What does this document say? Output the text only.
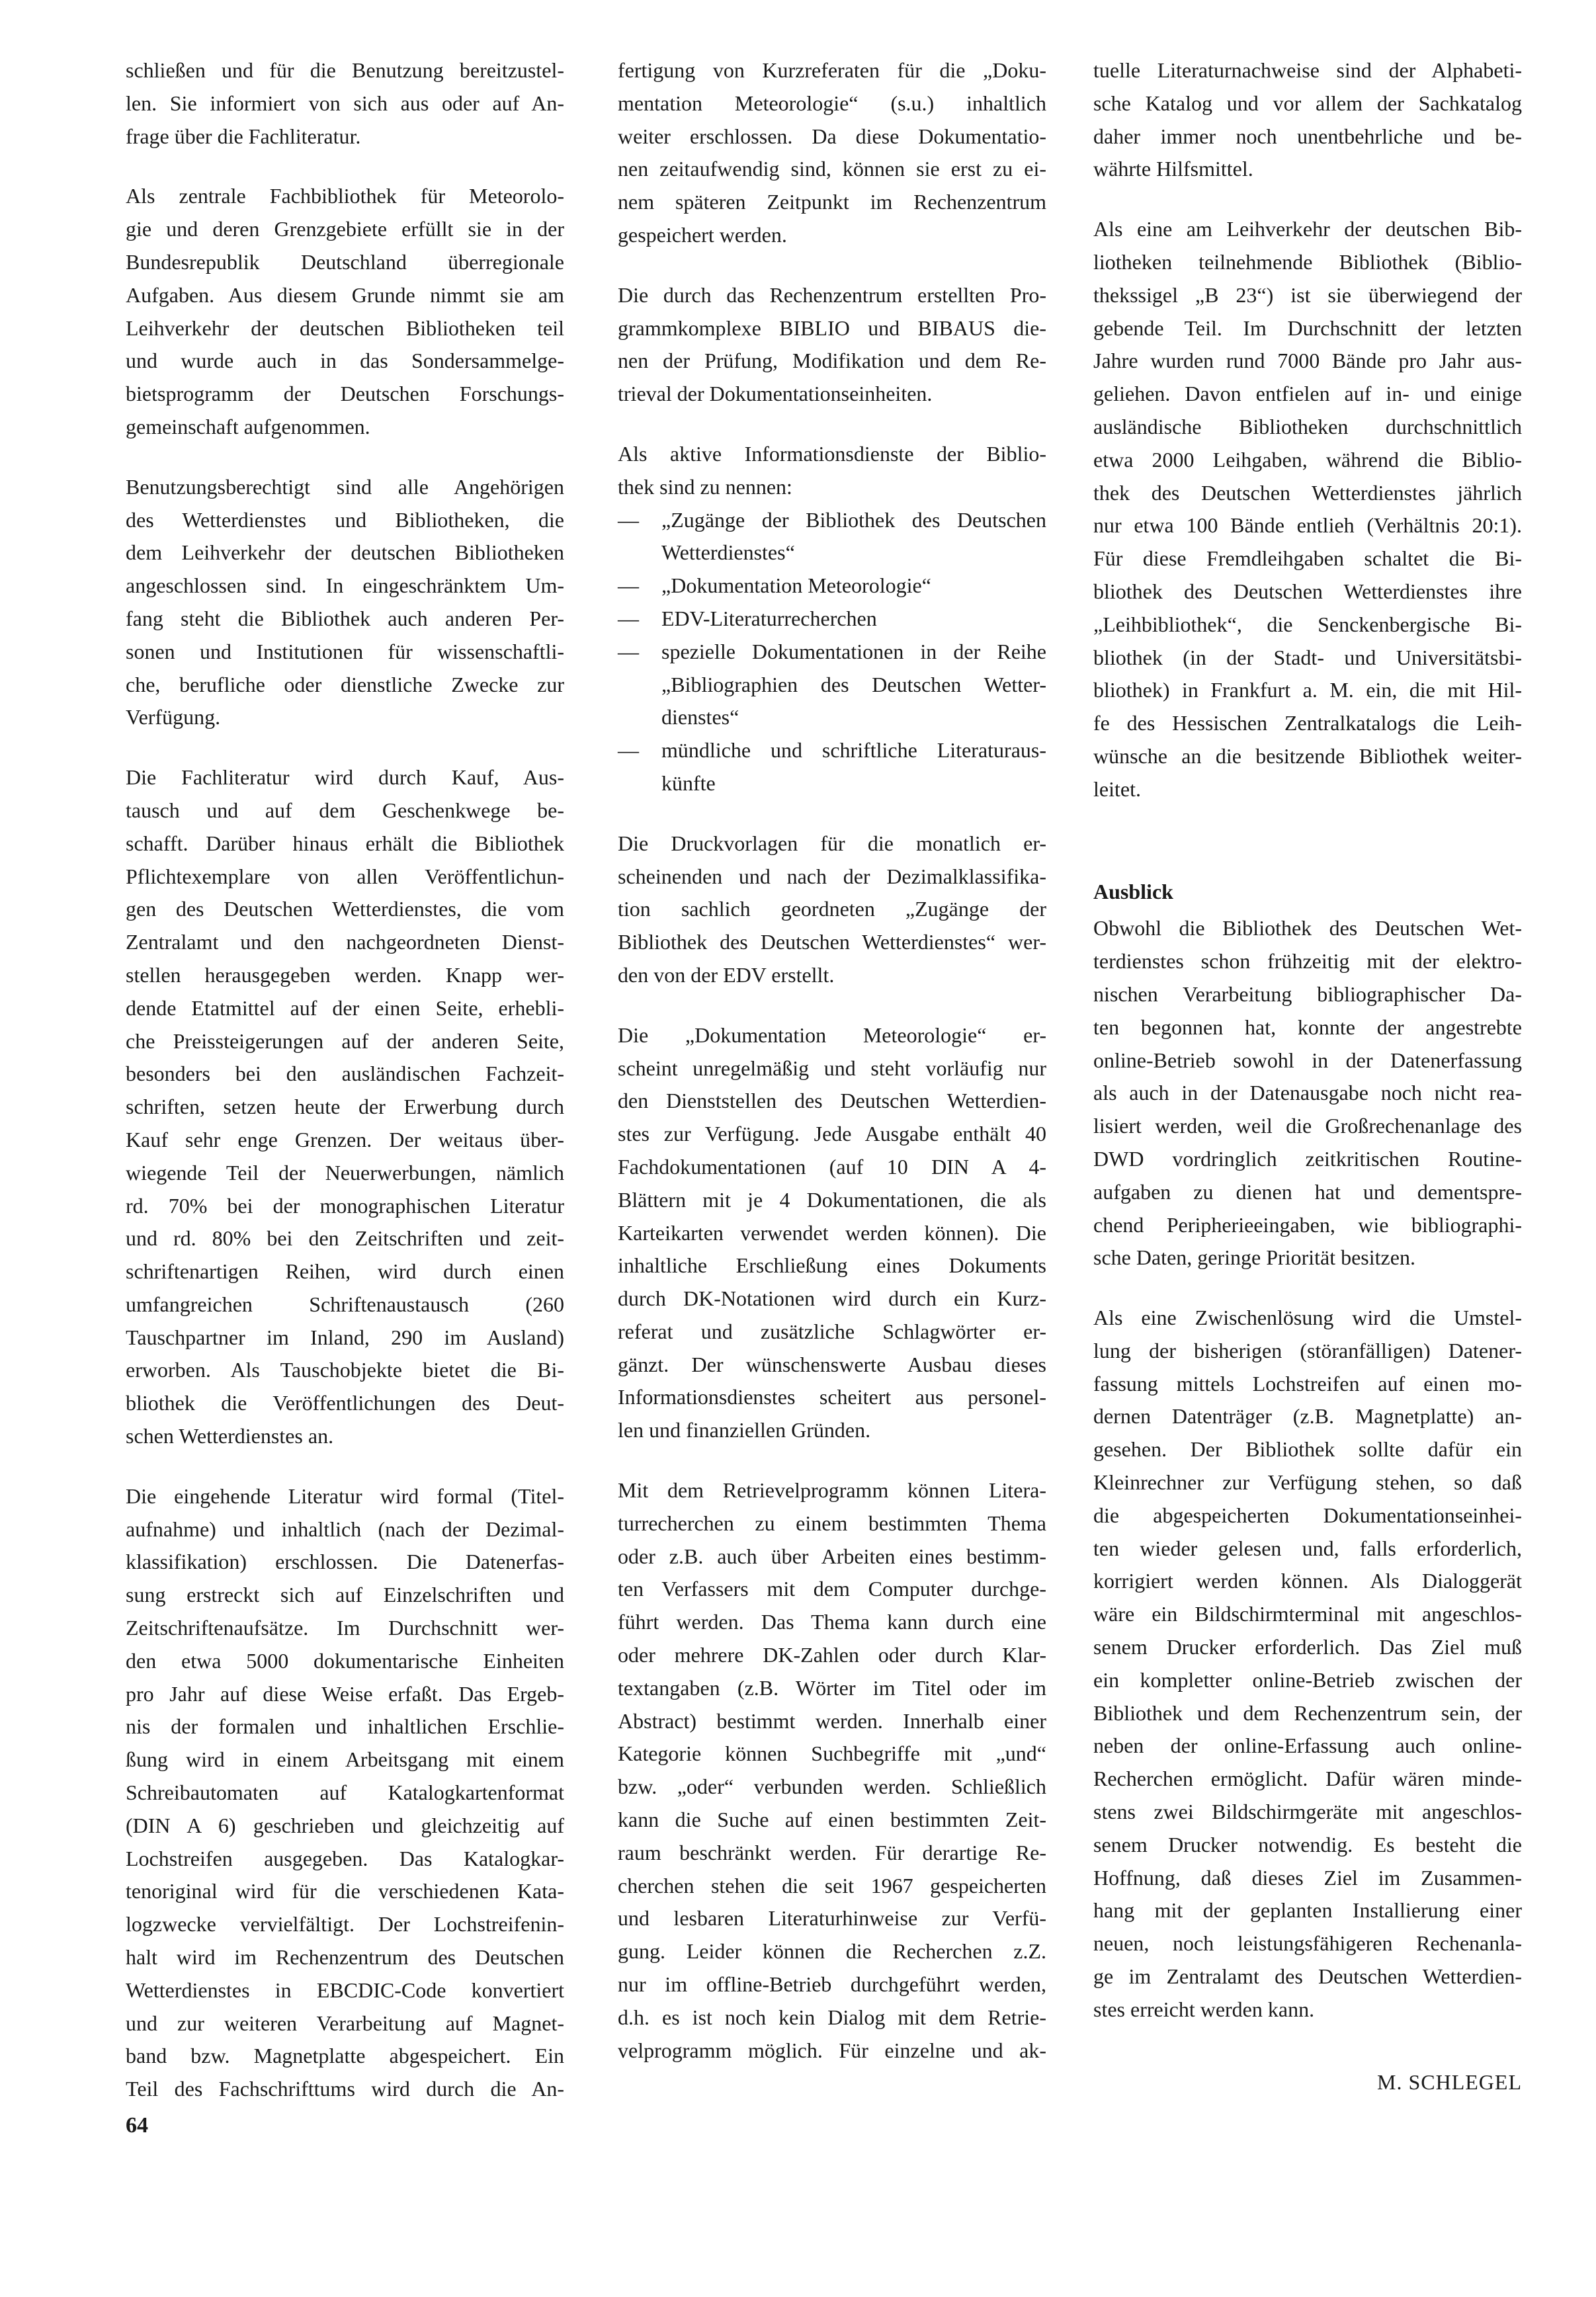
schließen und für die Benutzung bereitzustel-
len. Sie informiert von sich aus oder auf An-
frage über die Fachliteratur.
Als zentrale Fachbibliothek für Meteorolo-
gie und deren Grenzgebiete erfüllt sie in der
Bundesrepublik Deutschland überregionale
Aufgaben. Aus diesem Grunde nimmt sie am
Leihverkehr der deutschen Bibliotheken teil
und wurde auch in das Sondersammelge-
bietsprogramm der Deutschen Forschungs-
gemeinschaft aufgenommen.
Benutzungsberechtigt sind alle Angehörigen
des Wetterdienstes und Bibliotheken, die
dem Leihverkehr der deutschen Bibliotheken
angeschlossen sind. In eingeschränktem Um-
fang steht die Bibliothek auch anderen Per-
sonen und Institutionen für wissenschaftli-
che, berufliche oder dienstliche Zwecke zur
Verfügung.
Die Fachliteratur wird durch Kauf, Aus-
tausch und auf dem Geschenkwege be-
schafft. Darüber hinaus erhält die Bibliothek
Pflichtexemplare von allen Veröffentlichun-
gen des Deutschen Wetterdienstes, die vom
Zentralamt und den nachgeordneten Dienst-
stellen herausgegeben werden. Knapp wer-
dende Etatmittel auf der einen Seite, erhebli-
che Preissteigerungen auf der anderen Seite,
besonders bei den ausländischen Fachzeit-
schriften, setzen heute der Erwerbung durch
Kauf sehr enge Grenzen. Der weitaus über-
wiegende Teil der Neuerwerbungen, nämlich
rd. 70% bei der monographischen Literatur
und rd. 80% bei den Zeitschriften und zeit-
schriftenartigen Reihen, wird durch einen
umfangreichen Schriftenaustausch (260
Tauschpartner im Inland, 290 im Ausland)
erworben. Als Tauschobjekte bietet die Bi-
bliothek die Veröffentlichungen des Deut-
schen Wetterdienstes an.
Die eingehende Literatur wird formal (Titel-
aufnahme) und inhaltlich (nach der Dezimal-
klassifikation) erschlossen. Die Datenerfas-
sung erstreckt sich auf Einzelschriften und
Zeitschriftenaufsätze. Im Durchschnitt wer-
den etwa 5000 dokumentarische Einheiten
pro Jahr auf diese Weise erfaßt. Das Ergeb-
nis der formalen und inhaltlichen Erschlie-
ßung wird in einem Arbeitsgang mit einem
Schreibautomaten auf Katalogkartenformat
(DIN A 6) geschrieben und gleichzeitig auf
Lochstreifen ausgegeben. Das Katalogkar-
tenoriginal wird für die verschiedenen Kata-
logzwecke vervielfältigt. Der Lochstreifenin-
halt wird im Rechenzentrum des Deutschen
Wetterdienstes in EBCDIC-Code konvertiert
und zur weiteren Verarbeitung auf Magnet-
band bzw. Magnetplatte abgespeichert. Ein
Teil des Fachschrifttums wird durch die An-
fertigung von Kurzreferaten für die „Doku-
mentation Meteorologie“ (s.u.) inhaltlich
weiter erschlossen. Da diese Dokumentatio-
nen zeitaufwendig sind, können sie erst zu ei-
nem späteren Zeitpunkt im Rechenzentrum
gespeichert werden.
Die durch das Rechenzentrum erstellten Pro-
grammkomplexe BIBLIO und BIBAUS die-
nen der Prüfung, Modifikation und dem Re-
trieval der Dokumentationseinheiten.
Als aktive Informationsdienste der Biblio-
thek sind zu nennen:
— „Zugänge der Bibliothek des Deutschen
Wetterdienstes“
— „Dokumentation Meteorologie“
— EDV-Literaturrecherchen
— spezielle Dokumentationen in der Reihe
„Bibliographien des Deutschen Wetter-
dienstes“
— mündliche und schriftliche Literaturaus-
künfte
Die Druckvorlagen für die monatlich er-
scheinenden und nach der Dezimalklassifika-
tion sachlich geordneten „Zugänge der
Bibliothek des Deutschen Wetterdienstes“ wer-
den von der EDV erstellt.
Die „Dokumentation Meteorologie“ er-
scheint unregelmäßig und steht vorläufig nur
den Dienststellen des Deutschen Wetterdien-
stes zur Verfügung. Jede Ausgabe enthält 40
Fachdokumentationen (auf 10 DIN A 4-
Blättern mit je 4 Dokumentationen, die als
Karteikarten verwendet werden können). Die
inhaltliche Erschließung eines Dokuments
durch DK-Notationen wird durch ein Kurz-
referat und zusätzliche Schlagwörter er-
gänzt. Der wünschenswerte Ausbau dieses
Informationsdienstes scheitert aus personel-
len und finanziellen Gründen.
Mit dem Retrievelprogramm können Litera-
turrecherchen zu einem bestimmten Thema
oder z.B. auch über Arbeiten eines bestimm-
ten Verfassers mit dem Computer durchge-
führt werden. Das Thema kann durch eine
oder mehrere DK-Zahlen oder durch Klar-
textangaben (z.B. Wörter im Titel oder im
Abstract) bestimmt werden. Innerhalb einer
Kategorie können Suchbegriffe mit „und“
bzw. „oder“ verbunden werden. Schließlich
kann die Suche auf einen bestimmten Zeit-
raum beschränkt werden. Für derartige Re-
cherchen stehen die seit 1967 gespeicherten
und lesbaren Literaturhinweise zur Verfü-
gung. Leider können die Recherchen z.Z.
nur im offline-Betrieb durchgeführt werden,
d.h. es ist noch kein Dialog mit dem Retrie-
velprogramm möglich. Für einzelne und ak-
tuelle Literaturnachweise sind der Alphabeti-
sche Katalog und vor allem der Sachkatalog
daher immer noch unentbehrliche und be-
währte Hilfsmittel.
Als eine am Leihverkehr der deutschen Bib-
liotheken teilnehmende Bibliothek (Biblio-
thekssigel „B 23“) ist sie überwiegend der
gebende Teil. Im Durchschnitt der letzten
Jahre wurden rund 7000 Bände pro Jahr aus-
geliehen. Davon entfielen auf in- und einige
ausländische Bibliotheken durchschnittlich
etwa 2000 Leihgaben, während die Biblio-
thek des Deutschen Wetterdienstes jährlich
nur etwa 100 Bände entlieh (Verhältnis 20:1).
Für diese Fremdleihgaben schaltet die Bi-
bliothek des Deutschen Wetterdienstes ihre
„Leihbibliothek“, die Senckenbergische Bi-
bliothek (in der Stadt- und Universitätsbi-
bliothek) in Frankfurt a. M. ein, die mit Hil-
fe des Hessischen Zentralkatalogs die Leih-
wünsche an die besitzende Bibliothek weiter-
leitet.
Ausblick
Obwohl die Bibliothek des Deutschen Wet-
terdienstes schon frühzeitig mit der elektro-
nischen Verarbeitung bibliographischer Da-
ten begonnen hat, konnte der angestrebte
online-Betrieb sowohl in der Datenerfassung
als auch in der Datenausgabe noch nicht rea-
lisiert werden, weil die Großrechenanlage des
DWD vordringlich zeitkritischen Routine-
aufgaben zu dienen hat und dementspre-
chend Peripherieeingaben, wie bibliographi-
sche Daten, geringe Priorität besitzen.
Als eine Zwischenlösung wird die Umstel-
lung der bisherigen (störanfälligen) Datener-
fassung mittels Lochstreifen auf einen mo-
dernen Datenträger (z.B. Magnetplatte) an-
gesehen. Der Bibliothek sollte dafür ein
Kleinrechner zur Verfügung stehen, so daß
die abgespeicherten Dokumentationseinhei-
ten wieder gelesen und, falls erforderlich,
korrigiert werden können. Als Dialoggerät
wäre ein Bildschirmterminal mit angeschlos-
senem Drucker erforderlich. Das Ziel muß
ein kompletter online-Betrieb zwischen der
Bibliothek und dem Rechenzentrum sein, der
neben der online-Erfassung auch online-
Recherchen ermöglicht. Dafür wären minde-
stens zwei Bildschirmgeräte mit angeschlos-
senem Drucker notwendig. Es besteht die
Hoffnung, daß dieses Ziel im Zusammen-
hang mit der geplanten Installierung einer
neuen, noch leistungsfähigeren Rechenanla-
ge im Zentralamt des Deutschen Wetterdien-
stes erreicht werden kann.
M. SCHLEGEL
64
